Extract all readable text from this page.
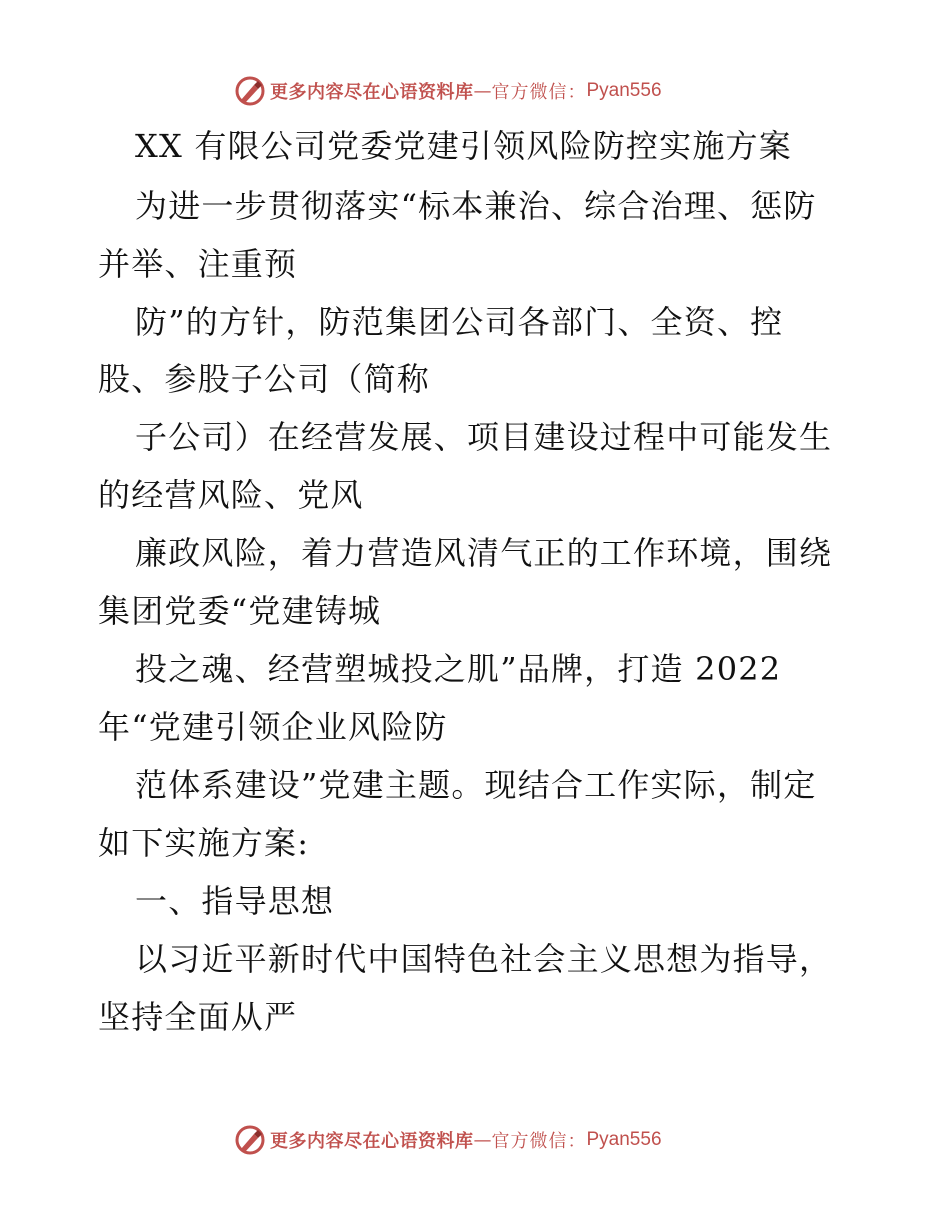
更多内容尽在心语资料库 — 官方微信： Pyan556
XX 有限公司党委党建引领风险防控实施方案
为进一步贯彻落实“标本兼治、综合治理、惩防
并举、注重预
防”的方针，防范集团公司各部门、全资、控
股、参股子公司（简称
子公司）在经营发展、项目建设过程中可能发生
的经营风险、党风
廉政风险，着力营造风清气正的工作环境，围绕
集团党委“党建铸城
投之魂、经营塑城投之肌”品牌，打造 2022
年“党建引领企业风险防
范体系建设”党建主题。现结合工作实际，制定
如下实施方案:
一、指导思想
以习近平新时代中国特色社会主义思想为指导，
坚持全面从严
更多内容尽在心语资料库 — 官方微信： Pyan556
